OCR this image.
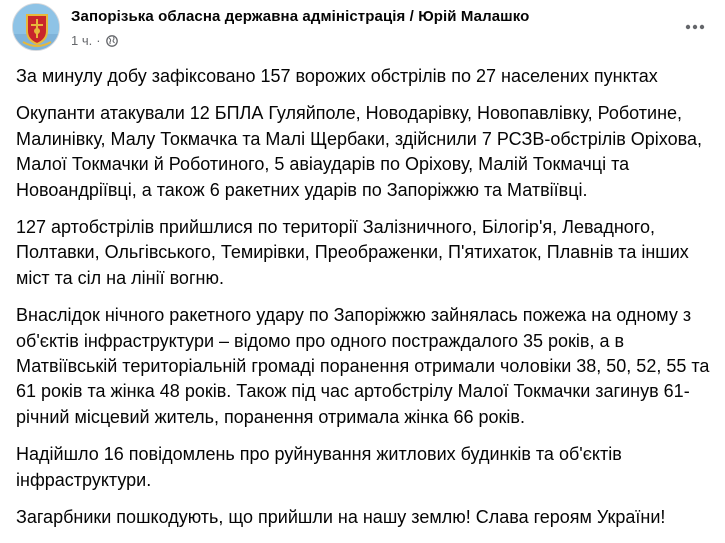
Запорізька обласна державна адміністрація / Юрій Малашко
1 ч. ·

За минулу добу зафіксовано 157 ворожих обстрілів по 27 населених пунктах

Окупанти атакували 12 БПЛА Гуляйполе, Новодарівку, Новопавлівку, Роботине, Малинівку, Малу Токмачка та Малі Щербаки, здійснили 7 РСЗВ-обстрілів Оріхова, Малої Токмачки й Роботиного, 5 авіаударів по Оріхову, Малій Токмачці та Новоандріївці, а також 6 ракетних ударів по Запоріжжю та Матвіївці.

127 артобстрілів прийшлися по території Залізничного, Білогір'я, Левадного, Полтавки, Ольгівського, Темирівки, Преображенки, П'ятихаток, Плавнів та інших міст та сіл на лінії вогню.

Внаслідок нічного ракетного удару по Запоріжжю зайнялась пожежа на одному з об'єктів інфраструктури – відомо про одного постраждалого 35 років, а в Матвіївській територіальній громаді поранення отримали чоловіки 38, 50, 52, 55 та 61 років та жінка 48 років. Також під час артобстрілу Малої Токмачки загинув 61-річний місцевий житель, поранення отримала жінка 66 років.

Надійшло 16 повідомлень про руйнування житлових будинків та об'єктів інфраструктури.

Загарбники пошкодують, що прийшли на нашу землю! Слава героям України!
